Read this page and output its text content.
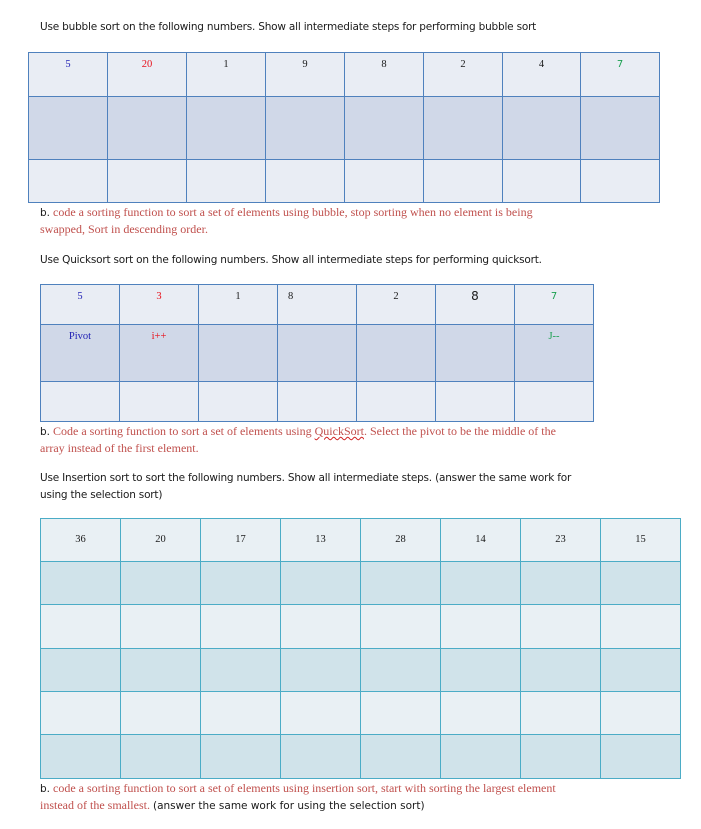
Use bubble sort on the following numbers. Show all intermediate steps for performing bubble sort
5	20	1	9	8	2	4	7

b. code a sorting function to sort a set of elements using bubble, stop sorting when no element is being
swapped, Sort in descending order.
Use Quicksort sort on the following numbers. Show all intermediate steps for performing quicksort.
5	3	1	8	2	8	7
Pivot	i++					J--

b. Code a sorting function to sort a set of elements using QuickSort. Select the pivot to be the middle of the
array instead of the first element.
Use Insertion sort to sort the following numbers. Show all intermediate steps. (answer the same work for
using the selection sort)
36	20	17	13	28	14	23	15

b. code a sorting function to sort a set of elements using insertion sort, start with sorting the largest element
instead of the smallest. (answer the same work for using the selection sort)
